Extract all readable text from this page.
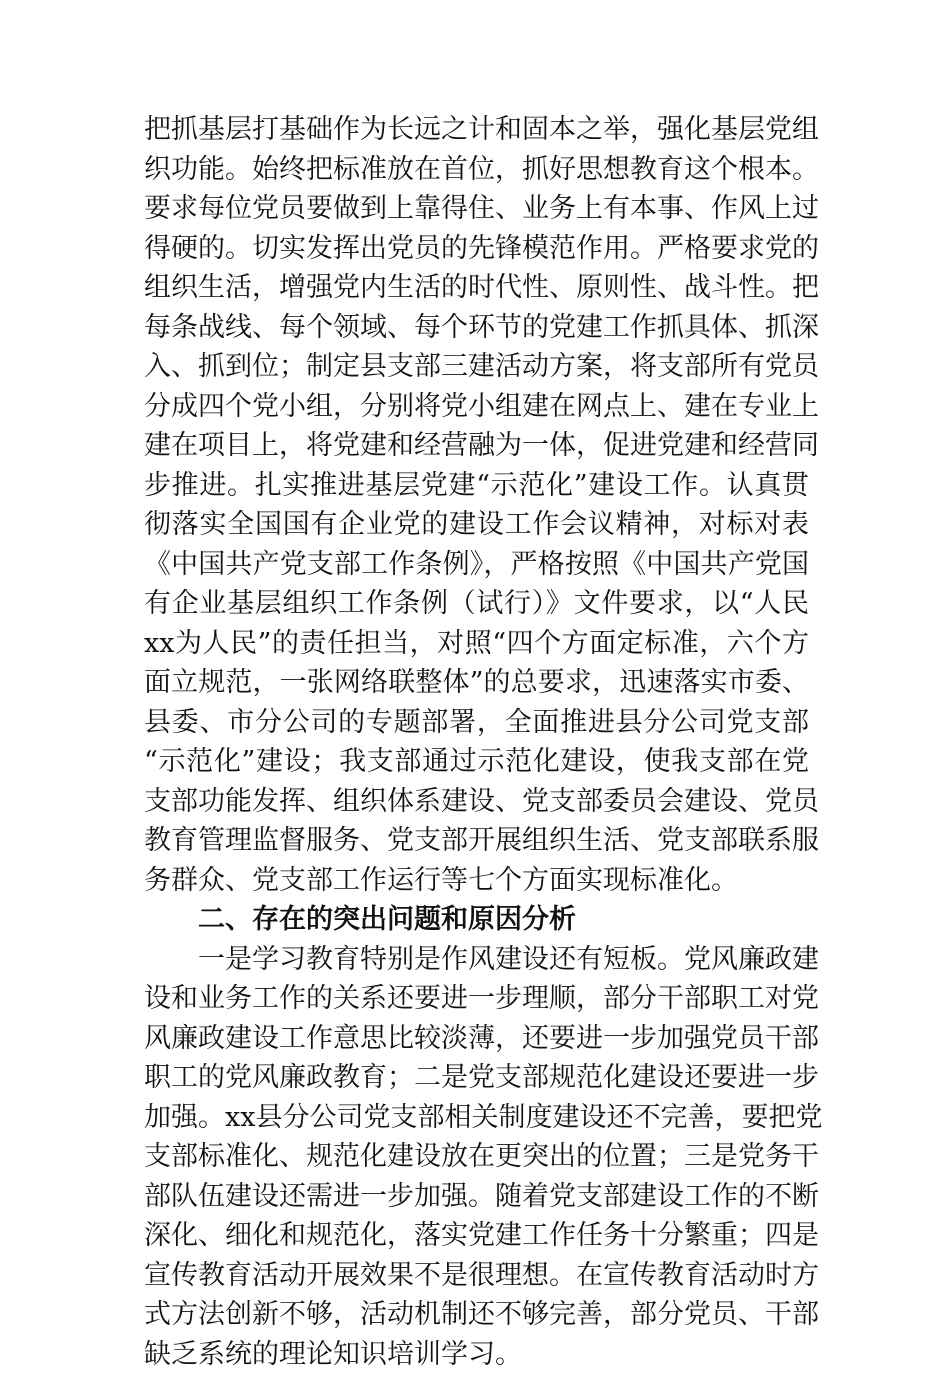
把抓基层打基础作为长远之计和固本之举，强化基层党组
织功能。始终把标准放在首位，抓好思想教育这个根本。
要求每位党员要做到上靠得住、业务上有本事、作风上过
得硬的。切实发挥出党员的先锋模范作用。严格要求党的
组织生活，增强党内生活的时代性、原则性、战斗性。把
每条战线、每个领域、每个环节的党建工作抓具体、抓深
入、抓到位；制定县支部三建活动方案，将支部所有党员
分成四个党小组，分别将党小组建在网点上、建在专业上
建在项目上，将党建和经营融为一体，促进党建和经营同
步推进。扎实推进基层党建“示范化”建设工作。认真贯
彻落实全国国有企业党的建设工作会议精神，对标对表
《中国共产党支部工作条例》，严格按照《中国共产党国
有企业基层组织工作条例（试行）》文件要求，以“人民
xx为人民”的责任担当，对照“四个方面定标准，六个方
面立规范，一张网络联整体”的总要求，迅速落实市委、
县委、市分公司的专题部署，全面推进县分公司党支部
“示范化”建设；我支部通过示范化建设，使我支部在党
支部功能发挥、组织体系建设、党支部委员会建设、党员
教育管理监督服务、党支部开展组织生活、党支部联系服
务群众、党支部工作运行等七个方面实现标准化。
二、存在的突出问题和原因分析
一是学习教育特别是作风建设还有短板。党风廉政建
设和业务工作的关系还要进一步理顺，部分干部职工对党
风廉政建设工作意思比较淡薄，还要进一步加强党员干部
职工的党风廉政教育；二是党支部规范化建设还要进一步
加强。xx县分公司党支部相关制度建设还不完善，要把党
支部标准化、规范化建设放在更突出的位置；三是党务干
部队伍建设还需进一步加强。随着党支部建设工作的不断
深化、细化和规范化，落实党建工作任务十分繁重；四是
宣传教育活动开展效果不是很理想。在宣传教育活动时方
式方法创新不够，活动机制还不够完善，部分党员、干部
缺乏系统的理论知识培训学习。
